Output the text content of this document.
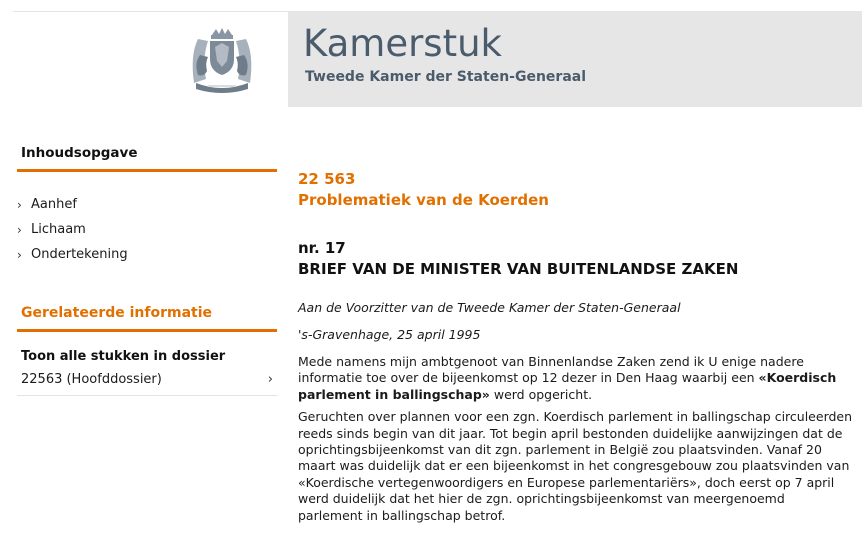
Kamerstuk
Tweede Kamer der Staten-Generaal
Inhoudsopgave
› Aanhef
› Lichaam
› Ondertekening
Gerelateerde informatie
Toon alle stukken in dossier
22563 (Hoofddossier)	›
22 563
Problematiek van de Koerden
nr. 17
BRIEF VAN DE MINISTER VAN BUITENLANDSE ZAKEN
Aan de Voorzitter van de Tweede Kamer der Staten-Generaal
's-Gravenhage, 25 april 1995
Mede namens mijn ambtgenoot van Binnenlandse Zaken zend ik U enige nadere informatie toe over de bijeenkomst op 12 dezer in Den Haag waarbij een «Koerdisch parlement in ballingschap» werd opgericht.
Geruchten over plannen voor een zgn. Koerdisch parlement in ballingschap circuleerden reeds sinds begin van dit jaar. Tot begin april bestonden duidelijke aanwijzingen dat de oprichtingsbijeenkomst van dit zgn. parlement in België zou plaatsvinden. Vanaf 20 maart was duidelijk dat er een bijeenkomst in het congresgebouw zou plaatsvinden van «Koerdische vertegenwoordigers en Europese parlementariërs», doch eerst op 7 april werd duidelijk dat het hier de zgn. oprichtingsbijeenkomst van meergenoemd parlement in ballingschap betrof.
